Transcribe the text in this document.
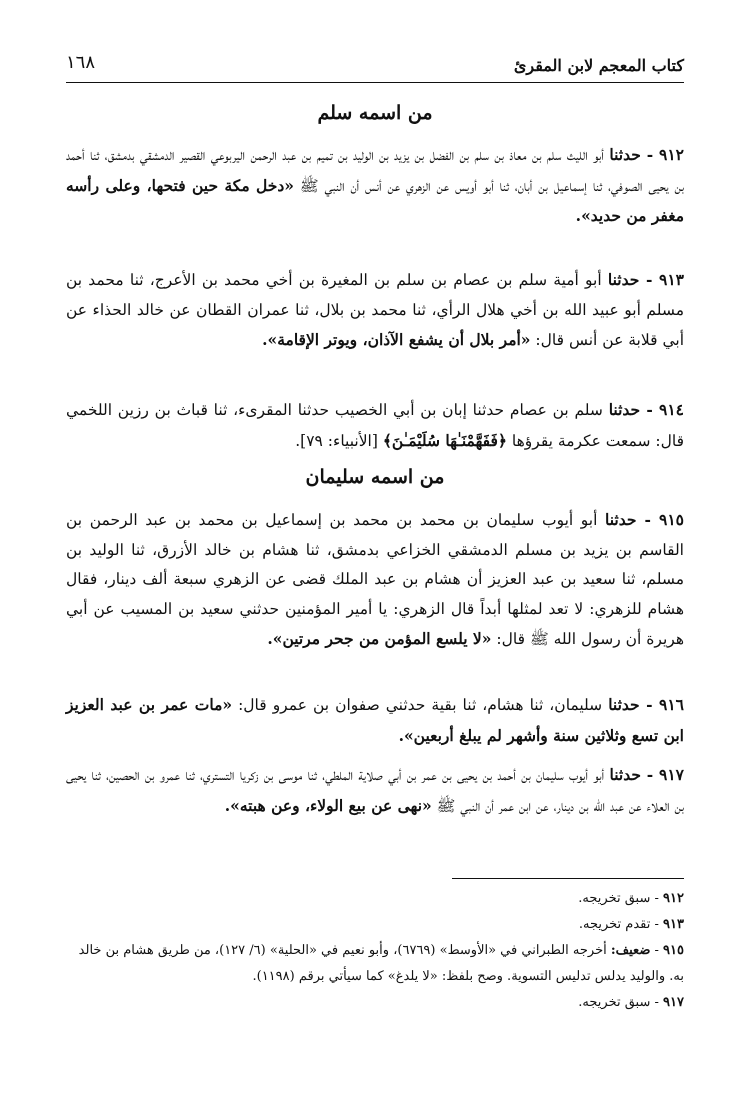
كتاب المعجم لابن المقرئ
١٦٨
من اسمه سلم

٩١٢ - حدثنا أبو الليث سلم بن معاذ بن سلم بن الفضل بن يزيد بن الوليد بن تميم بن عبد الرحمن اليربوعي القصير الدمشقي بدمشق، ثنا أحمد بن يحيى الصوفي، ثنا إسماعيل بن أبان، ثنا أبو أويس عن الزهري عن أنس أن النبي ﷺ «دخل مكة حين فتحها، وعلى رأسه مغفر من حديد».

٩١٣ - حدثنا أبو أمية سلم بن عصام بن سلم بن المغيرة بن أخي محمد بن الأعرج، ثنا محمد بن مسلم أبو عبيد الله بن أخي هلال الرأي، ثنا محمد بن بلال، ثنا عمران القطان عن خالد الحذاء عن أبي قلابة عن أنس قال: «أمر بلال أن يشفع الآذان، ويوتر الإقامة».

٩١٤ - حدثنا سلم بن عصام حدثنا إبان بن أبي الخصيب حدثنا المقرىء، ثنا قباث بن رزين اللخمي قال: سمعت عكرمة يقرؤها ﴿فَفَهَّمْنَـٰهَا سُلَيْمَـٰنَ﴾ [الأنبياء: ٧٩].

من اسمه سليمان

٩١٥ - حدثنا أبو أيوب سليمان بن محمد بن محمد بن إسماعيل بن محمد بن عبد الرحمن بن القاسم بن يزيد بن مسلم الدمشقي الخزاعي بدمشق، ثنا هشام بن خالد الأزرق، ثنا الوليد بن مسلم، ثنا سعيد بن عبد العزيز أن هشام بن عبد الملك قضى عن الزهري سبعة ألف دينار، فقال هشام للزهري: لا تعد لمثلها أبداً قال الزهري: يا أمير المؤمنين حدثني سعيد بن المسيب عن أبي هريرة أن رسول الله ﷺ قال: «لا يلسع المؤمن من جحر مرتين».

٩١٦ - حدثنا سليمان، ثنا هشام، ثنا بقية حدثني صفوان بن عمرو قال: «مات عمر بن عبد العزيز ابن تسع وثلاثين سنة وأشهر لم يبلغ أربعين».

٩١٧ - حدثنا أبو أيوب سليمان بن أحمد بن يحيى بن عمر بن أبي صلاية الملطي، ثنا موسى بن زكريا التستري، ثنا عمرو بن الحصين، ثنا يحيى بن العلاء عن عبد الله بن دينار، عن ابن عمر أن النبي ﷺ «نهى عن بيع الولاء، وعن هبته».

٩١٢ - سبق تخريجه.
٩١٣ - تقدم تخريجه.
٩١٥ - ضعيف: أخرجه الطبراني في «الأوسط» (٦٧٦٩)، وأبو نعيم في «الحلية» (٦/ ١٢٧)، من طريق هشام بن خالد به. والوليد يدلس تدليس التسوية. وصح بلفظ: «لا يلدغ» كما سيأتي برقم (١١٩٨).
٩١٧ - سبق تخريجه.
